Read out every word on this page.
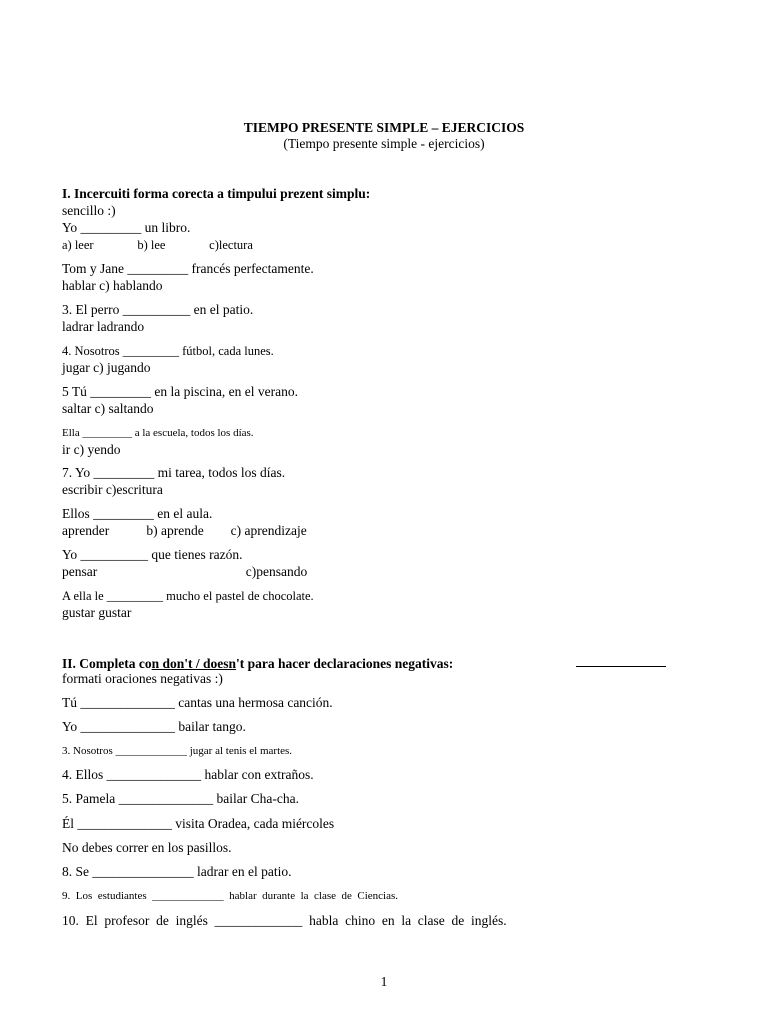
TIEMPO PRESENTE SIMPLE – EJERCICIOS
(Tiempo presente simple - ejercicios)
I. Incercuiti forma corecta a timpului prezent simplu:
sencillo :)
Yo _________ un libro.
a) leer              b) lee              c)lectura
Tom y Jane _________ francés perfectamente.
hablar c) hablando
3. El perro __________ en el patio.
ladrar ladrando
4. Nosotros _________ fútbol, cada lunes.
jugar c) jugando
5 Tú _________ en la piscina, en el verano.
saltar c) saltando
Ella _________ a la escuela, todos los días.
ir c) yendo
7. Yo _________ mi tarea, todos los días.
escribir c)escritura
Ellos _________ en el aula.
aprender           b) aprende        c) aprendizaje
Yo __________ que tienes razón.
pensar                                            c)pensando
A ella le _________ mucho el pastel de chocolate.
gustar gustar
II. Completa con don't / doesn't para hacer declaraciones negativas:
formati oraciones negativas :)
Tú ______________ cantas una hermosa canción.
Yo ______________ bailar tango.
3. Nosotros _____________ jugar al tenis el martes.
4. Ellos ______________ hablar con extraños.
5. Pamela ______________ bailar Cha-cha.
Él ______________ visita Oradea, cada miércoles
No debes correr en los pasillos.
8. Se _______________ ladrar en el patio.
9.  Los  estudiantes  _____________  hablar  durante  la  clase  de  Ciencias.
10.  El  profesor  de  inglés  _____________  habla  chino  en  la  clase  de  inglés.
1
